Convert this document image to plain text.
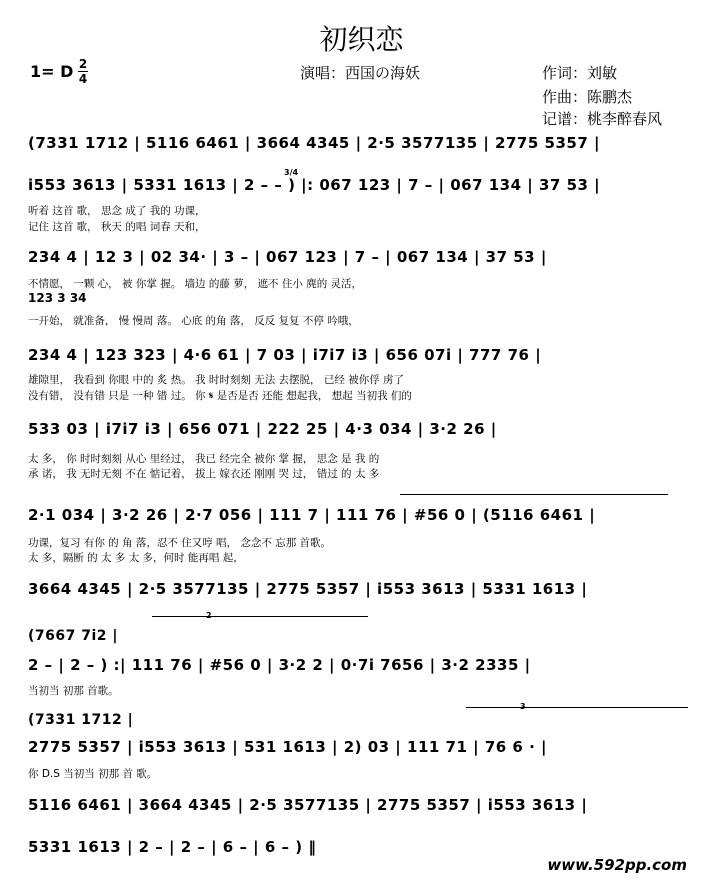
初织恋
1= D 2
4	演唱：西国の海妖	作词：刘敏
作曲：陈鹏杰
记谱：桃李醉春风
(7331 1712 | 5116 6461 | 3664 4345 | 2·5 3577135 | 2775 5357 |
3/4
i553 3613 | 5331 1613 | 2 – – ) |: 067 123 | 7 – | 067 134 | 37 53 |
听着 这首 歌， 思念 成了 我的 功课，
记住 这首 歌， 秋天 的唱 词春 天和，
234 4 | 12 3 | 02 34· | 3 – | 067 123 | 7 – | 067 134 | 37 53 |
不情愿， 一颗 心， 被 你掌 握。 墙边 的藤 萝， 遮不 住小 麂的 灵活，
123 3 34
一开始， 就准备， 慢 慢周 落。 心底 的角 落， 反反 复复 不停 吟哦，
234 4 | 123 323 | 4·6 61 | 7 03 | i7i7 i3 | 656 07i | 777 76 |
雄隙里， 我看到 你眼 中的 炙 热。 我 时时刻刻 无法 去摆脱， 已经 被你俘 虏了
没有错， 没有错 只是 一种 错 过。 你 𝄋 是否是否 还能 想起我， 想起 当初我 们的
533 03 | i7i7 i3 | 656 071 | 222 25 | 4·3 034 | 3·2 26 |
太 多， 你 时时刻刻 从心 里经过， 我已 经完全 被你 掌 握， 思念 是 我 的
承 诺， 我 无时无刻 不在 惦记着， 拔上 嫁衣还 刚刚 哭 过， 错过 的 太 多
2·1 034 | 3·2 26 | 2·7 056 | 111 7 | 111 76 | #56 0 | (5116 6461 |
功课，复习 有你 的 角 落，忍不 住又哼 唱， 念念不 忘那 首歌。
太 多，隔断 的 太 多 太 多，何时 能再唱 起，
3664 4345 | 2·5 3577135 | 2775 5357 | i553 3613 | 5331 1613 |
2
(7667 7i2 |
2 – | 2 – ) :| 111 76 | #56 0 | 3·2 2 | 0·7i 7656 | 3·2 2335 |
当初当 初那 首歌。
3
(7331 1712 |
2775 5357 | i553 3613 | 531 1613 | 2) 03 | 111 71 | 76 6 · |
你 D.S 当初当 初那 首 歌。
5116 6461 | 3664 4345 | 2·5 3577135 | 2775 5357 | i553 3613 |
5331 1613 | 2 – | 2 – | 6 – | 6 – ) ‖
www.592pp.com
